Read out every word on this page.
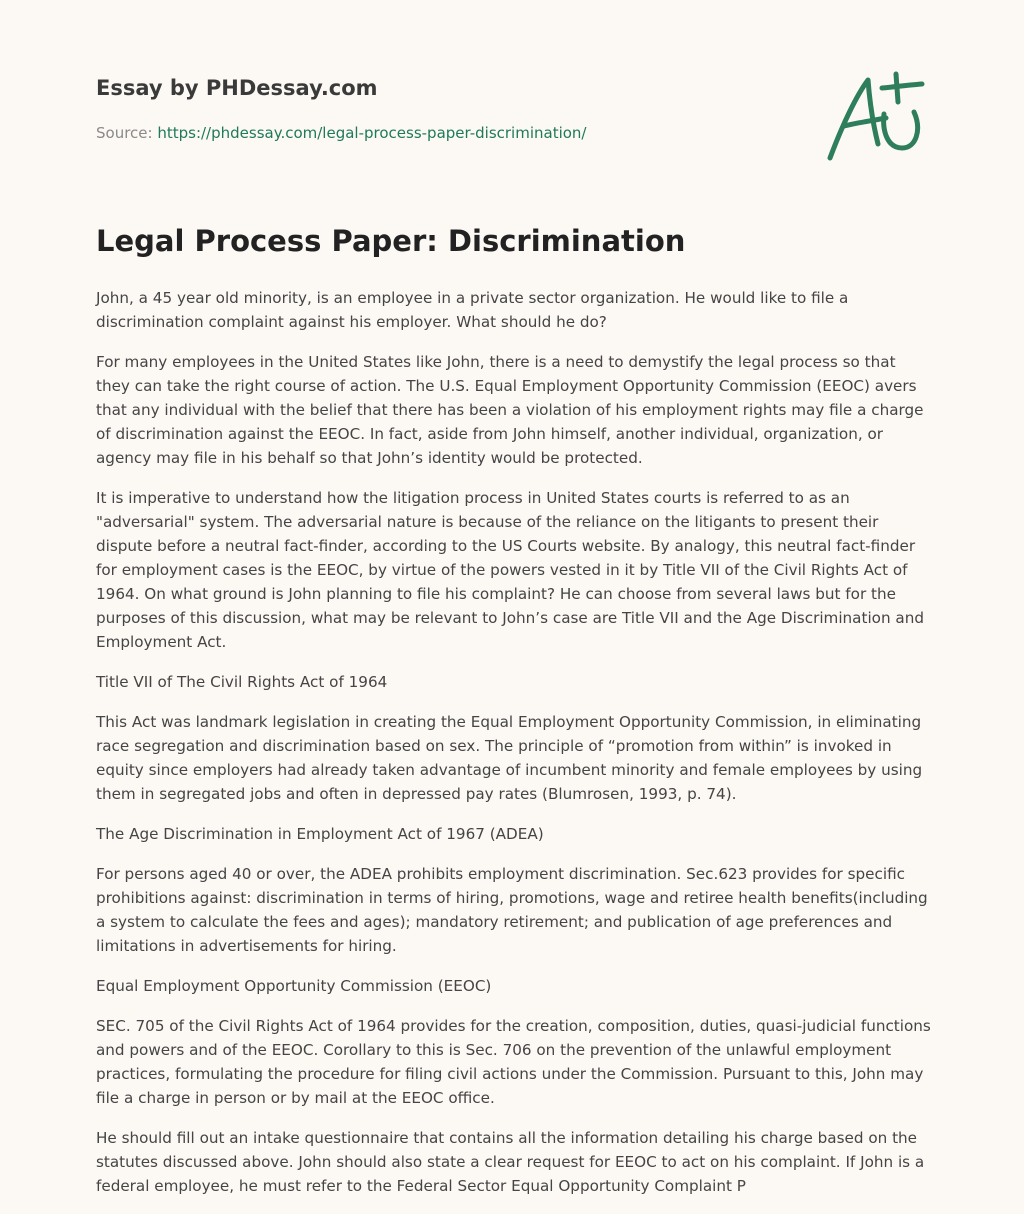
Essay by PHDessay.com

Source: https://phdessay.com/legal-process-paper-discrimination/

Legal Process Paper: Discrimination

John, a 45 year old minority, is an employee in a private sector organization. He would like to file a discrimination complaint against his employer. What should he do?

For many employees in the United States like John, there is a need to demystify the legal process so that they can take the right course of action. The U.S. Equal Employment Opportunity Commission (EEOC) avers that any individual with the belief that there has been a violation of his employment rights may file a charge of discrimination against the EEOC. In fact, aside from John himself, another individual, organization, or agency may file in his behalf so that John’s identity would be protected.

It is imperative to understand how the litigation process in United States courts is referred to as an "adversarial" system. The adversarial nature is because of the reliance on the litigants to present their dispute before a neutral fact-finder, according to the US Courts website. By analogy, this neutral fact-finder for employment cases is the EEOC, by virtue of the powers vested in it by Title VII of the Civil Rights Act of 1964. On what ground is John planning to file his complaint? He can choose from several laws but for the purposes of this discussion, what may be relevant to John’s case are Title VII and the Age Discrimination and Employment Act.

Title VII of The Civil Rights Act of 1964

This Act was landmark legislation in creating the Equal Employment Opportunity Commission, in eliminating race segregation and discrimination based on sex. The principle of “promotion from within” is invoked in equity since employers had already taken advantage of incumbent minority and female employees by using them in segregated jobs and often in depressed pay rates (Blumrosen, 1993, p. 74).

The Age Discrimination in Employment Act of 1967 (ADEA)

For persons aged 40 or over, the ADEA prohibits employment discrimination. Sec.623 provides for specific prohibitions against: discrimination in terms of hiring, promotions, wage and retiree health benefits(including a system to calculate the fees and ages); mandatory retirement; and publication of age preferences and limitations in advertisements for hiring.

Equal Employment Opportunity Commission (EEOC)

SEC. 705 of the Civil Rights Act of 1964 provides for the creation, composition, duties, quasi-judicial functions and powers and of the EEOC. Corollary to this is Sec. 706 on the prevention of the unlawful employment practices, formulating the procedure for filing civil actions under the Commission. Pursuant to this, John may file a charge in person or by mail at the EEOC office.

He should fill out an intake questionnaire that contains all the information detailing his charge based on the statutes discussed above. John should also state a clear request for EEOC to act on his complaint. If John is a federal employee, he must refer to the Federal Sector Equal Opportunity Complaint P
